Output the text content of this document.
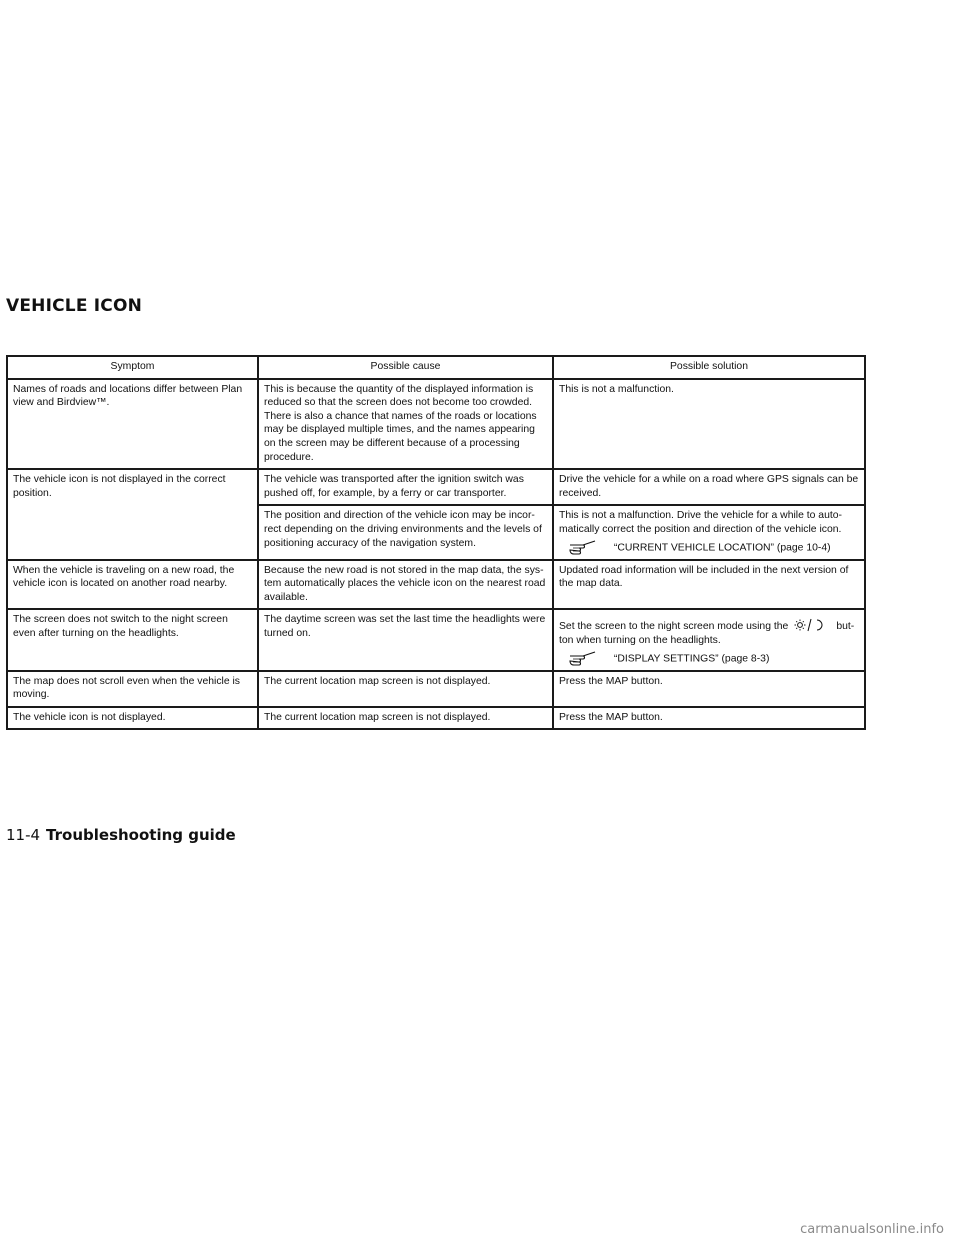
VEHICLE ICON
Symptom	Possible cause	Possible solution
Names of roads and locations differ between Plan view and Birdview™.	This is because the quantity of the displayed information is reduced so that the screen does not become too crowded. There is also a chance that names of the roads or locations may be displayed multiple times, and the names appearing on the screen may be different because of a processing procedure.	This is not a malfunction.
The vehicle icon is not displayed in the correct position.	The vehicle was transported after the ignition switch was pushed off, for example, by a ferry or car transporter.	Drive the vehicle for a while on a road where GPS signals can be received.
	The position and direction of the vehicle icon may be incor-rect depending on the driving environments and the levels of positioning accuracy of the navigation system.	This is not a malfunction. Drive the vehicle for a while to auto-matically correct the position and direction of the vehicle icon.
“CURRENT VEHICLE LOCATION” (page 10-4)

When the vehicle is traveling on a new road, the vehicle icon is located on another road nearby.	Because the new road is not stored in the map data, the sys-tem automatically places the vehicle icon on the nearest road available.	Updated road information will be included in the next version of the map data.
The screen does not switch to the night screen even after turning on the headlights.	The daytime screen was set the last time the headlights were turned on.	Set the screen to the night screen mode using the but-ton when turning on the headlights.
“DISPLAY SETTINGS” (page 8-3)

The map does not scroll even when the vehicle is moving.	The current location map screen is not displayed.	Press the MAP button.
The vehicle icon is not displayed.	The current location map screen is not displayed.	Press the MAP button.
11-4 Troubleshooting guide
carmanualsonline.info
